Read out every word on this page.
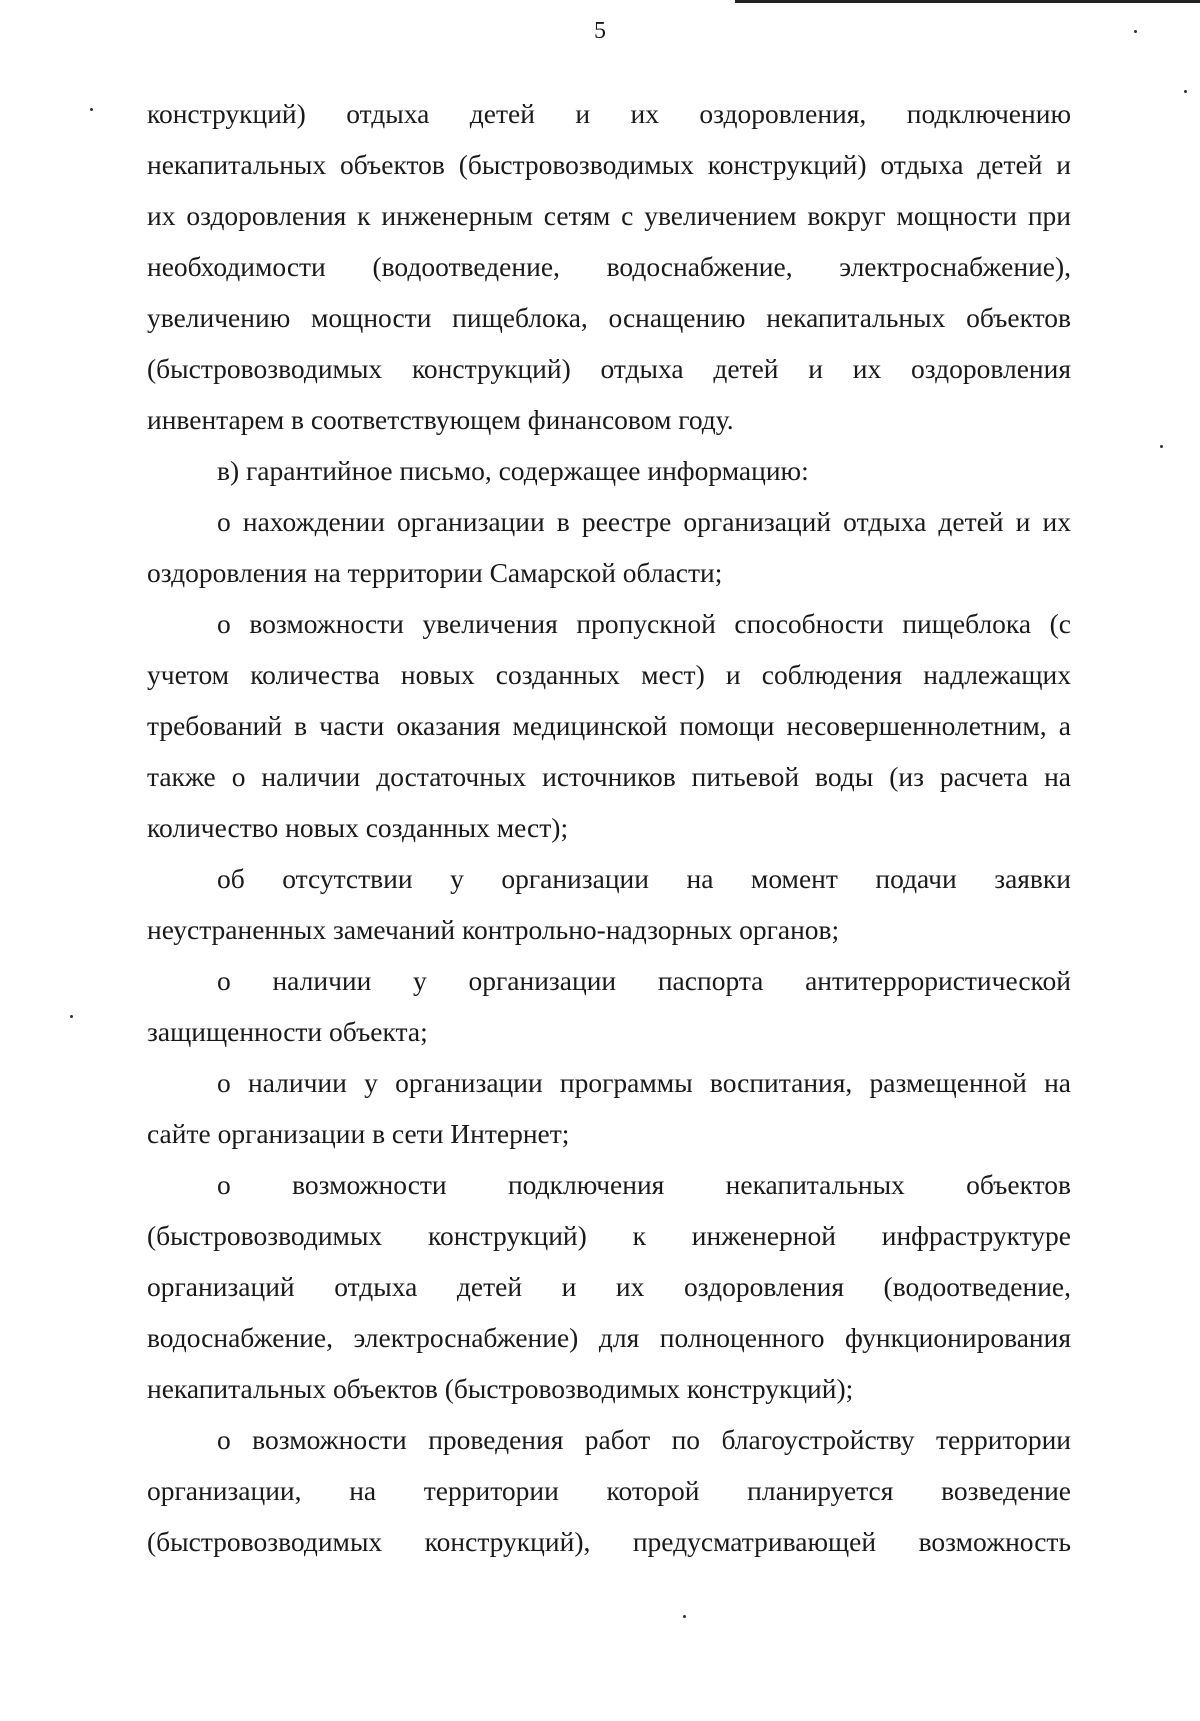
5
конструкций) отдыха детей и их оздоровления, подключению
некапитальных объектов (быстровозводимых конструкций) отдыха детей и
их оздоровления к инженерным сетям с увеличением вокруг мощности при
необходимости (водоотведение, водоснабжение, электроснабжение),
увеличению мощности пищеблока, оснащению некапитальных объектов
(быстровозводимых конструкций) отдыха детей и их оздоровления
инвентарем в соответствующем финансовом году.
в) гарантийное письмо, содержащее информацию:
о нахождении организации в реестре организаций отдыха детей и их
оздоровления на территории Самарской области;
о возможности увеличения пропускной способности пищеблока (с
учетом количества новых созданных мест) и соблюдения надлежащих
требований в части оказания медицинской помощи несовершеннолетним, а
также о наличии достаточных источников питьевой воды (из расчета на
количество новых созданных мест);
об отсутствии у организации на момент подачи заявки
неустраненных замечаний контрольно-надзорных органов;
о наличии у организации паспорта антитеррористической
защищенности объекта;
о наличии у организации программы воспитания, размещенной на
сайте организации в сети Интернет;
о возможности подключения некапитальных объектов
(быстровозводимых конструкций) к инженерной инфраструктуре
организаций отдыха детей и их оздоровления (водоотведение,
водоснабжение, электроснабжение) для полноценного функционирования
некапитальных объектов (быстровозводимых конструкций);
о возможности проведения работ по благоустройству территории
организации, на территории которой планируется возведение
(быстровозводимых конструкций), предусматривающей возможность
